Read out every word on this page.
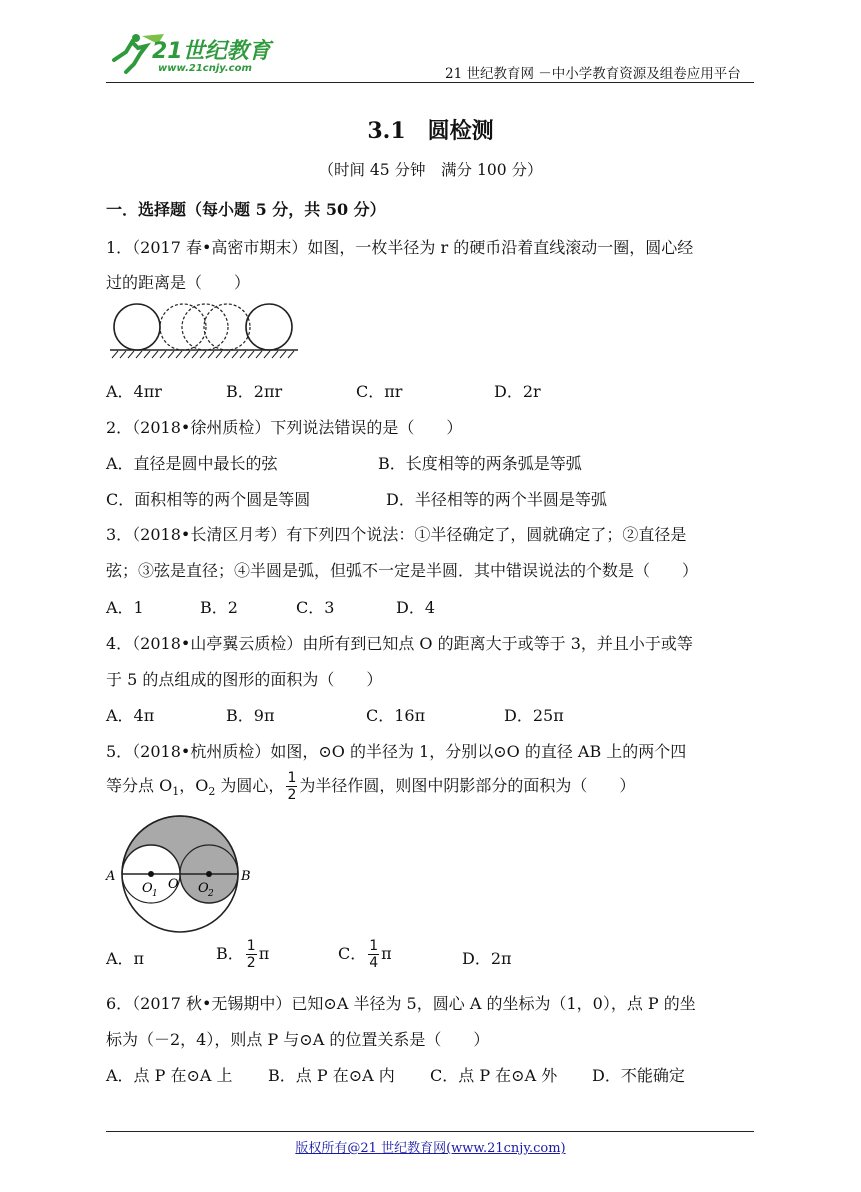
21世纪教育
www.21cnjy.com	21 世纪教育网 －中小学教育资源及组卷应用平台
3.1　圆检测
（时间 45 分钟　满分 100 分）
一．选择题（每小题 5 分，共 50 分）
1．（2017 春•高密市期末）如图，一枚半径为 r 的硬币沿着直线滚动一圈，圆心经
过的距离是（　　）
A．4πr	B．2πr	C．πr	D．2r
2．（2018•徐州质检）下列说法错误的是（　　）
A．直径是圆中最长的弦	B．长度相等的两条弧是等弧
C．面积相等的两个圆是等圆	D．半径相等的两个半圆是等弧
3．（2018•长清区月考）有下列四个说法：①半径确定了，圆就确定了；②直径是
弦；③弦是直径；④半圆是弧，但弧不一定是半圆．其中错误说法的个数是（　　）
A．1	B．2	C．3	D．4
4．（2018•山亭翼云质检）由所有到已知点 O 的距离大于或等于 3，并且小于或等
于 5 的点组成的图形的面积为（　　）
A．4π	B．9π	C．16π	D．25π
5．（2018•杭州质检）如图，⊙O 的半径为 1，分别以⊙O 的直径 AB 上的两个四
等分点 $O_1$，$O_2$ 为圆心， $\frac{1}{2}$ 为半径作圆，则图中阴影部分的面积为（　　）
A
O 1
O O 2
B
A．π	B． $\frac{1}{2}$ π	C． $\frac{1}{4}$ π	D．2π
6．（2017 秋•无锡期中）已知⊙A 半径为 5，圆心 A 的坐标为（1，0），点 P 的坐
标为（－2，4），则点 P 与⊙A 的位置关系是（　　）
A．点 P 在⊙A 上 B．点 P 在⊙A 内 C．点 P 在⊙A 外 D．不能确定
版权所有@21 世纪教育网(www.21cnjy.com)
